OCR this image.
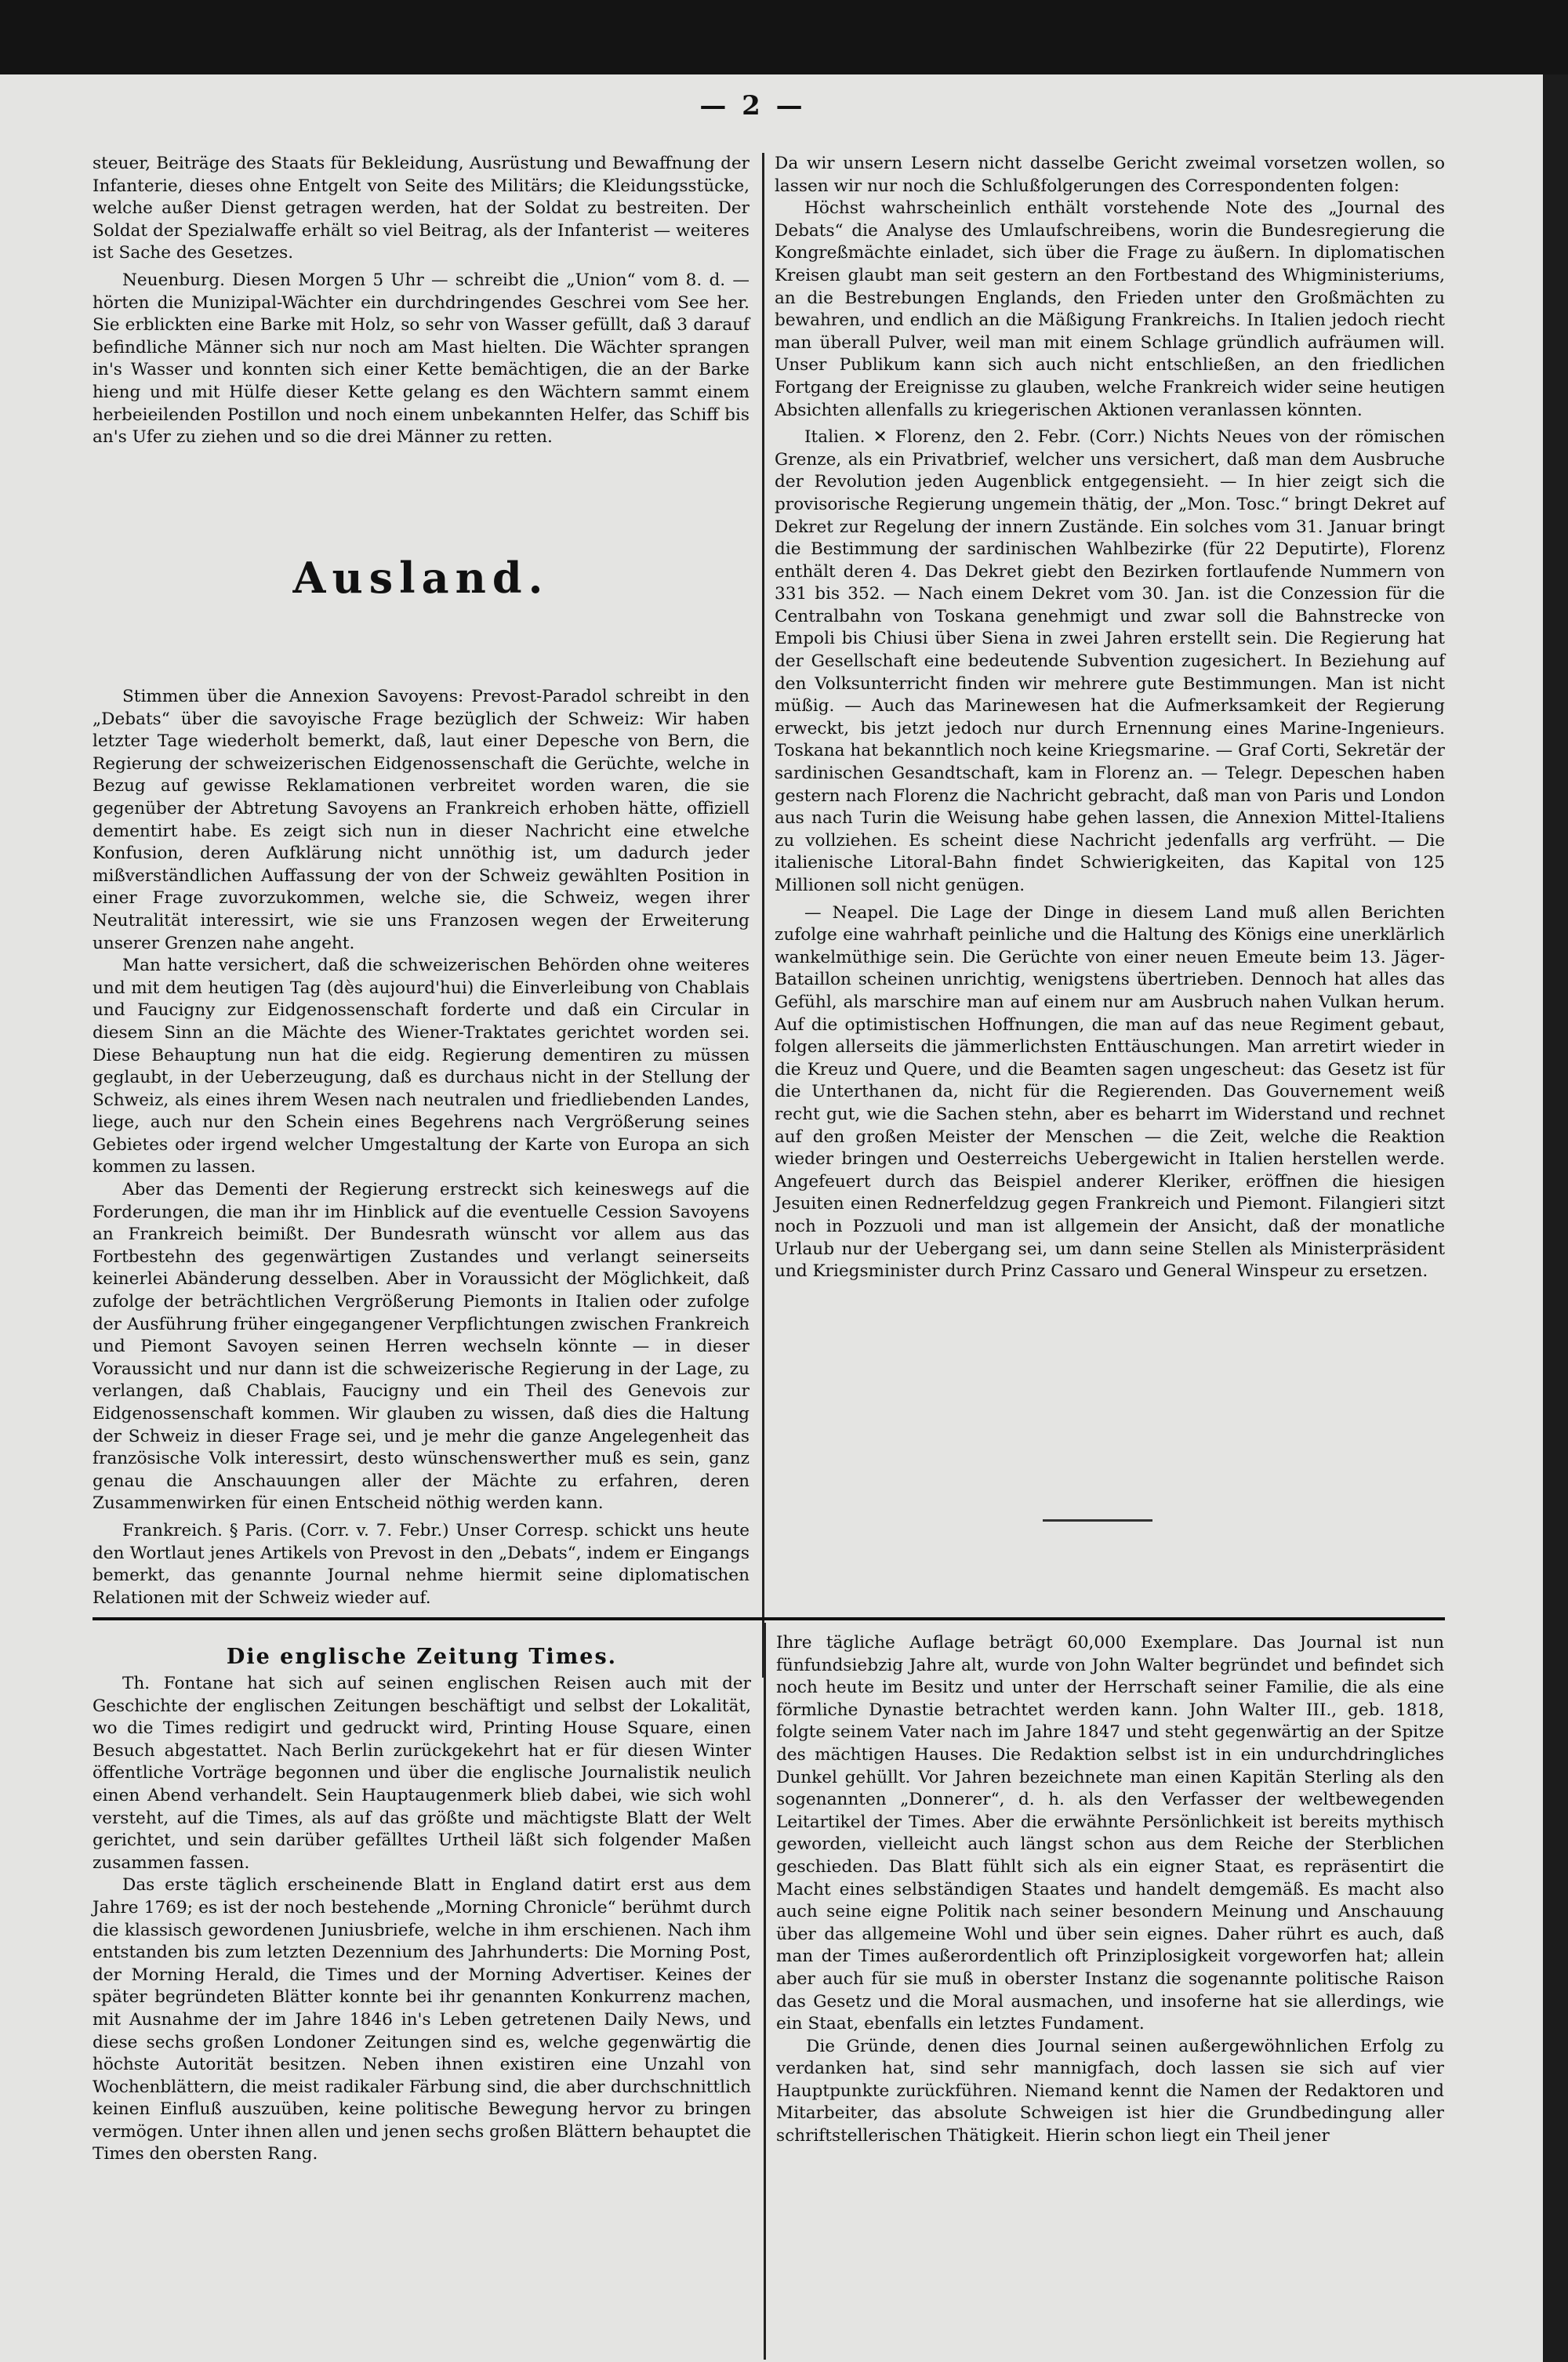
— 2 —

steuer, Beiträge des Staats für Bekleidung, Ausrüstung und Bewaffnung der Infanterie, dieses ohne Entgelt von Seite des Militärs; die Kleidungsstücke, welche außer Dienst getragen werden, hat der Soldat zu bestreiten. Der Soldat der Spezialwaffe erhält so viel Beitrag, als der Infanterist — weiteres ist Sache des Gesetzes.

Neuenburg. Diesen Morgen 5 Uhr — schreibt die „Union“ vom 8. d. — hörten die Munizipal-Wächter ein durchdringendes Geschrei vom See her. Sie erblickten eine Barke mit Holz, so sehr von Wasser gefüllt, daß 3 darauf befindliche Männer sich nur noch am Mast hielten. Die Wächter sprangen in's Wasser und konnten sich einer Kette bemächtigen, die an der Barke hieng und mit Hülfe dieser Kette gelang es den Wächtern sammt einem herbeieilenden Postillon und noch einem unbekannten Helfer, das Schiff bis an's Ufer zu ziehen und so die drei Männer zu retten.

Ausland.

Stimmen über die Annexion Savoyens: Prevost-Paradol schreibt in den „Debats“ über die savoyische Frage bezüglich der Schweiz: Wir haben letzter Tage wiederholt bemerkt, daß, laut einer Depesche von Bern, die Regierung der schweizerischen Eidgenossenschaft die Gerüchte, welche in Bezug auf gewisse Reklamationen verbreitet worden waren, die sie gegenüber der Abtretung Savoyens an Frankreich erhoben hätte, offiziell dementirt habe. Es zeigt sich nun in dieser Nachricht eine etwelche Konfusion, deren Aufklärung nicht unnöthig ist, um dadurch jeder mißverständlichen Auffassung der von der Schweiz gewählten Position in einer Frage zuvorzukommen, welche sie, die Schweiz, wegen ihrer Neutralität interessirt, wie sie uns Franzosen wegen der Erweiterung unserer Grenzen nahe angeht.

Man hatte versichert, daß die schweizerischen Behörden ohne weiteres und mit dem heutigen Tag (dès aujourd'hui) die Einverleibung von Chablais und Faucigny zur Eidgenossenschaft forderte und daß ein Circular in diesem Sinn an die Mächte des Wiener-Traktates gerichtet worden sei. Diese Behauptung nun hat die eidg. Regierung dementiren zu müssen geglaubt, in der Ueberzeugung, daß es durchaus nicht in der Stellung der Schweiz, als eines ihrem Wesen nach neutralen und friedliebenden Landes, liege, auch nur den Schein eines Begehrens nach Vergrößerung seines Gebietes oder irgend welcher Umgestaltung der Karte von Europa an sich kommen zu lassen.

Aber das Dementi der Regierung erstreckt sich keineswegs auf die Forderungen, die man ihr im Hinblick auf die eventuelle Cession Savoyens an Frankreich beimißt. Der Bundesrath wünscht vor allem aus das Fortbestehn des gegenwärtigen Zustandes und verlangt seinerseits keinerlei Abänderung desselben. Aber in Voraussicht der Möglichkeit, daß zufolge der beträchtlichen Vergrößerung Piemonts in Italien oder zufolge der Ausführung früher eingegangener Verpflichtungen zwischen Frankreich und Piemont Savoyen seinen Herren wechseln könnte — in dieser Voraussicht und nur dann ist die schweizerische Regierung in der Lage, zu verlangen, daß Chablais, Faucigny und ein Theil des Genevois zur Eidgenossenschaft kommen. Wir glauben zu wissen, daß dies die Haltung der Schweiz in dieser Frage sei, und je mehr die ganze Angelegenheit das französische Volk interessirt, desto wünschenswerther muß es sein, ganz genau die Anschauungen aller der Mächte zu erfahren, deren Zusammenwirken für einen Entscheid nöthig werden kann.

Frankreich. § Paris. (Corr. v. 7. Febr.) Unser Corresp. schickt uns heute den Wortlaut jenes Artikels von Prevost in den „Debats“, indem er Eingangs bemerkt, das genannte Journal nehme hiermit seine diplomatischen Relationen mit der Schweiz wieder auf.

Da wir unsern Lesern nicht dasselbe Gericht zweimal vorsetzen wollen, so lassen wir nur noch die Schlußfolgerungen des Correspondenten folgen:

Höchst wahrscheinlich enthält vorstehende Note des „Journal des Debats“ die Analyse des Umlaufschreibens, worin die Bundesregierung die Kongreßmächte einladet, sich über die Frage zu äußern. In diplomatischen Kreisen glaubt man seit gestern an den Fortbestand des Whigministeriums, an die Bestrebungen Englands, den Frieden unter den Großmächten zu bewahren, und endlich an die Mäßigung Frankreichs. In Italien jedoch riecht man überall Pulver, weil man mit einem Schlage gründlich aufräumen will. Unser Publikum kann sich auch nicht entschließen, an den friedlichen Fortgang der Ereignisse zu glauben, welche Frankreich wider seine heutigen Absichten allenfalls zu kriegerischen Aktionen veranlassen könnten.

Italien. ✕ Florenz, den 2. Febr. (Corr.) Nichts Neues von der römischen Grenze, als ein Privatbrief, welcher uns versichert, daß man dem Ausbruche der Revolution jeden Augenblick entgegensieht. — In hier zeigt sich die provisorische Regierung ungemein thätig, der „Mon. Tosc.“ bringt Dekret auf Dekret zur Regelung der innern Zustände. Ein solches vom 31. Januar bringt die Bestimmung der sardinischen Wahlbezirke (für 22 Deputirte), Florenz enthält deren 4. Das Dekret giebt den Bezirken fortlaufende Nummern von 331 bis 352. — Nach einem Dekret vom 30. Jan. ist die Conzession für die Centralbahn von Toskana genehmigt und zwar soll die Bahnstrecke von Empoli bis Chiusi über Siena in zwei Jahren erstellt sein. Die Regierung hat der Gesellschaft eine bedeutende Subvention zugesichert. In Beziehung auf den Volksunterricht finden wir mehrere gute Bestimmungen. Man ist nicht müßig. — Auch das Marinewesen hat die Aufmerksamkeit der Regierung erweckt, bis jetzt jedoch nur durch Ernennung eines Marine-Ingenieurs. Toskana hat bekanntlich noch keine Kriegsmarine. — Graf Corti, Sekretär der sardinischen Gesandtschaft, kam in Florenz an. — Telegr. Depeschen haben gestern nach Florenz die Nachricht gebracht, daß man von Paris und London aus nach Turin die Weisung habe gehen lassen, die Annexion Mittel-Italiens zu vollziehen. Es scheint diese Nachricht jedenfalls arg verfrüht. — Die italienische Litoral-Bahn findet Schwierigkeiten, das Kapital von 125 Millionen soll nicht genügen.

— Neapel. Die Lage der Dinge in diesem Land muß allen Berichten zufolge eine wahrhaft peinliche und die Haltung des Königs eine unerklärlich wankelmüthige sein. Die Gerüchte von einer neuen Emeute beim 13. Jäger-Bataillon scheinen unrichtig, wenigstens übertrieben. Dennoch hat alles das Gefühl, als marschire man auf einem nur am Ausbruch nahen Vulkan herum. Auf die optimistischen Hoffnungen, die man auf das neue Regiment gebaut, folgen allerseits die jämmerlichsten Enttäuschungen. Man arretirt wieder in die Kreuz und Quere, und die Beamten sagen ungescheut: das Gesetz ist für die Unterthanen da, nicht für die Regierenden. Das Gouvernement weiß recht gut, wie die Sachen stehn, aber es beharrt im Widerstand und rechnet auf den großen Meister der Menschen — die Zeit, welche die Reaktion wieder bringen und Oesterreichs Uebergewicht in Italien herstellen werde. Angefeuert durch das Beispiel anderer Kleriker, eröffnen die hiesigen Jesuiten einen Rednerfeldzug gegen Frankreich und Piemont. Filangieri sitzt noch in Pozzuoli und man ist allgemein der Ansicht, daß der monatliche Urlaub nur der Uebergang sei, um dann seine Stellen als Ministerpräsident und Kriegsminister durch Prinz Cassaro und General Winspeur zu ersetzen.

Die englische Zeitung Times.

Th. Fontane hat sich auf seinen englischen Reisen auch mit der Geschichte der englischen Zeitungen beschäftigt und selbst der Lokalität, wo die Times redigirt und gedruckt wird, Printing House Square, einen Besuch abgestattet. Nach Berlin zurückgekehrt hat er für diesen Winter öffentliche Vorträge begonnen und über die englische Journalistik neulich einen Abend verhandelt. Sein Hauptaugenmerk blieb dabei, wie sich wohl versteht, auf die Times, als auf das größte und mächtigste Blatt der Welt gerichtet, und sein darüber gefälltes Urtheil läßt sich folgender Maßen zusammen fassen.

Das erste täglich erscheinende Blatt in England datirt erst aus dem Jahre 1769; es ist der noch bestehende „Morning Chronicle“ berühmt durch die klassisch gewordenen Juniusbriefe, welche in ihm erschienen. Nach ihm entstanden bis zum letzten Dezennium des Jahrhunderts: Die Morning Post, der Morning Herald, die Times und der Morning Advertiser. Keines der später begründeten Blätter konnte bei ihr genannten Konkurrenz machen, mit Ausnahme der im Jahre 1846 in's Leben getretenen Daily News, und diese sechs großen Londoner Zeitungen sind es, welche gegenwärtig die höchste Autorität besitzen. Neben ihnen existiren eine Unzahl von Wochenblättern, die meist radikaler Färbung sind, die aber durchschnittlich keinen Einfluß auszuüben, keine politische Bewegung hervor zu bringen vermögen. Unter ihnen allen und jenen sechs großen Blättern behauptet die Times den obersten Rang.

Ihre tägliche Auflage beträgt 60,000 Exemplare. Das Journal ist nun fünfundsiebzig Jahre alt, wurde von John Walter begründet und befindet sich noch heute im Besitz und unter der Herrschaft seiner Familie, die als eine förmliche Dynastie betrachtet werden kann. John Walter III., geb. 1818, folgte seinem Vater nach im Jahre 1847 und steht gegenwärtig an der Spitze des mächtigen Hauses. Die Redaktion selbst ist in ein undurchdringliches Dunkel gehüllt. Vor Jahren bezeichnete man einen Kapitän Sterling als den sogenannten „Donnerer“, d. h. als den Verfasser der weltbewegenden Leitartikel der Times. Aber die erwähnte Persönlichkeit ist bereits mythisch geworden, vielleicht auch längst schon aus dem Reiche der Sterblichen geschieden. Das Blatt fühlt sich als ein eigner Staat, es repräsentirt die Macht eines selbständigen Staates und handelt demgemäß. Es macht also auch seine eigne Politik nach seiner besondern Meinung und Anschauung über das allgemeine Wohl und über sein eignes. Daher rührt es auch, daß man der Times außerordentlich oft Prinziplosigkeit vorgeworfen hat; allein aber auch für sie muß in oberster Instanz die sogenannte politische Raison das Gesetz und die Moral ausmachen, und insoferne hat sie allerdings, wie ein Staat, ebenfalls ein letztes Fundament.

Die Gründe, denen dies Journal seinen außergewöhnlichen Erfolg zu verdanken hat, sind sehr mannigfach, doch lassen sie sich auf vier Hauptpunkte zurückführen. Niemand kennt die Namen der Redaktoren und Mitarbeiter, das absolute Schweigen ist hier die Grundbedingung aller schriftstellerischen Thätigkeit. Hierin schon liegt ein Theil jener
